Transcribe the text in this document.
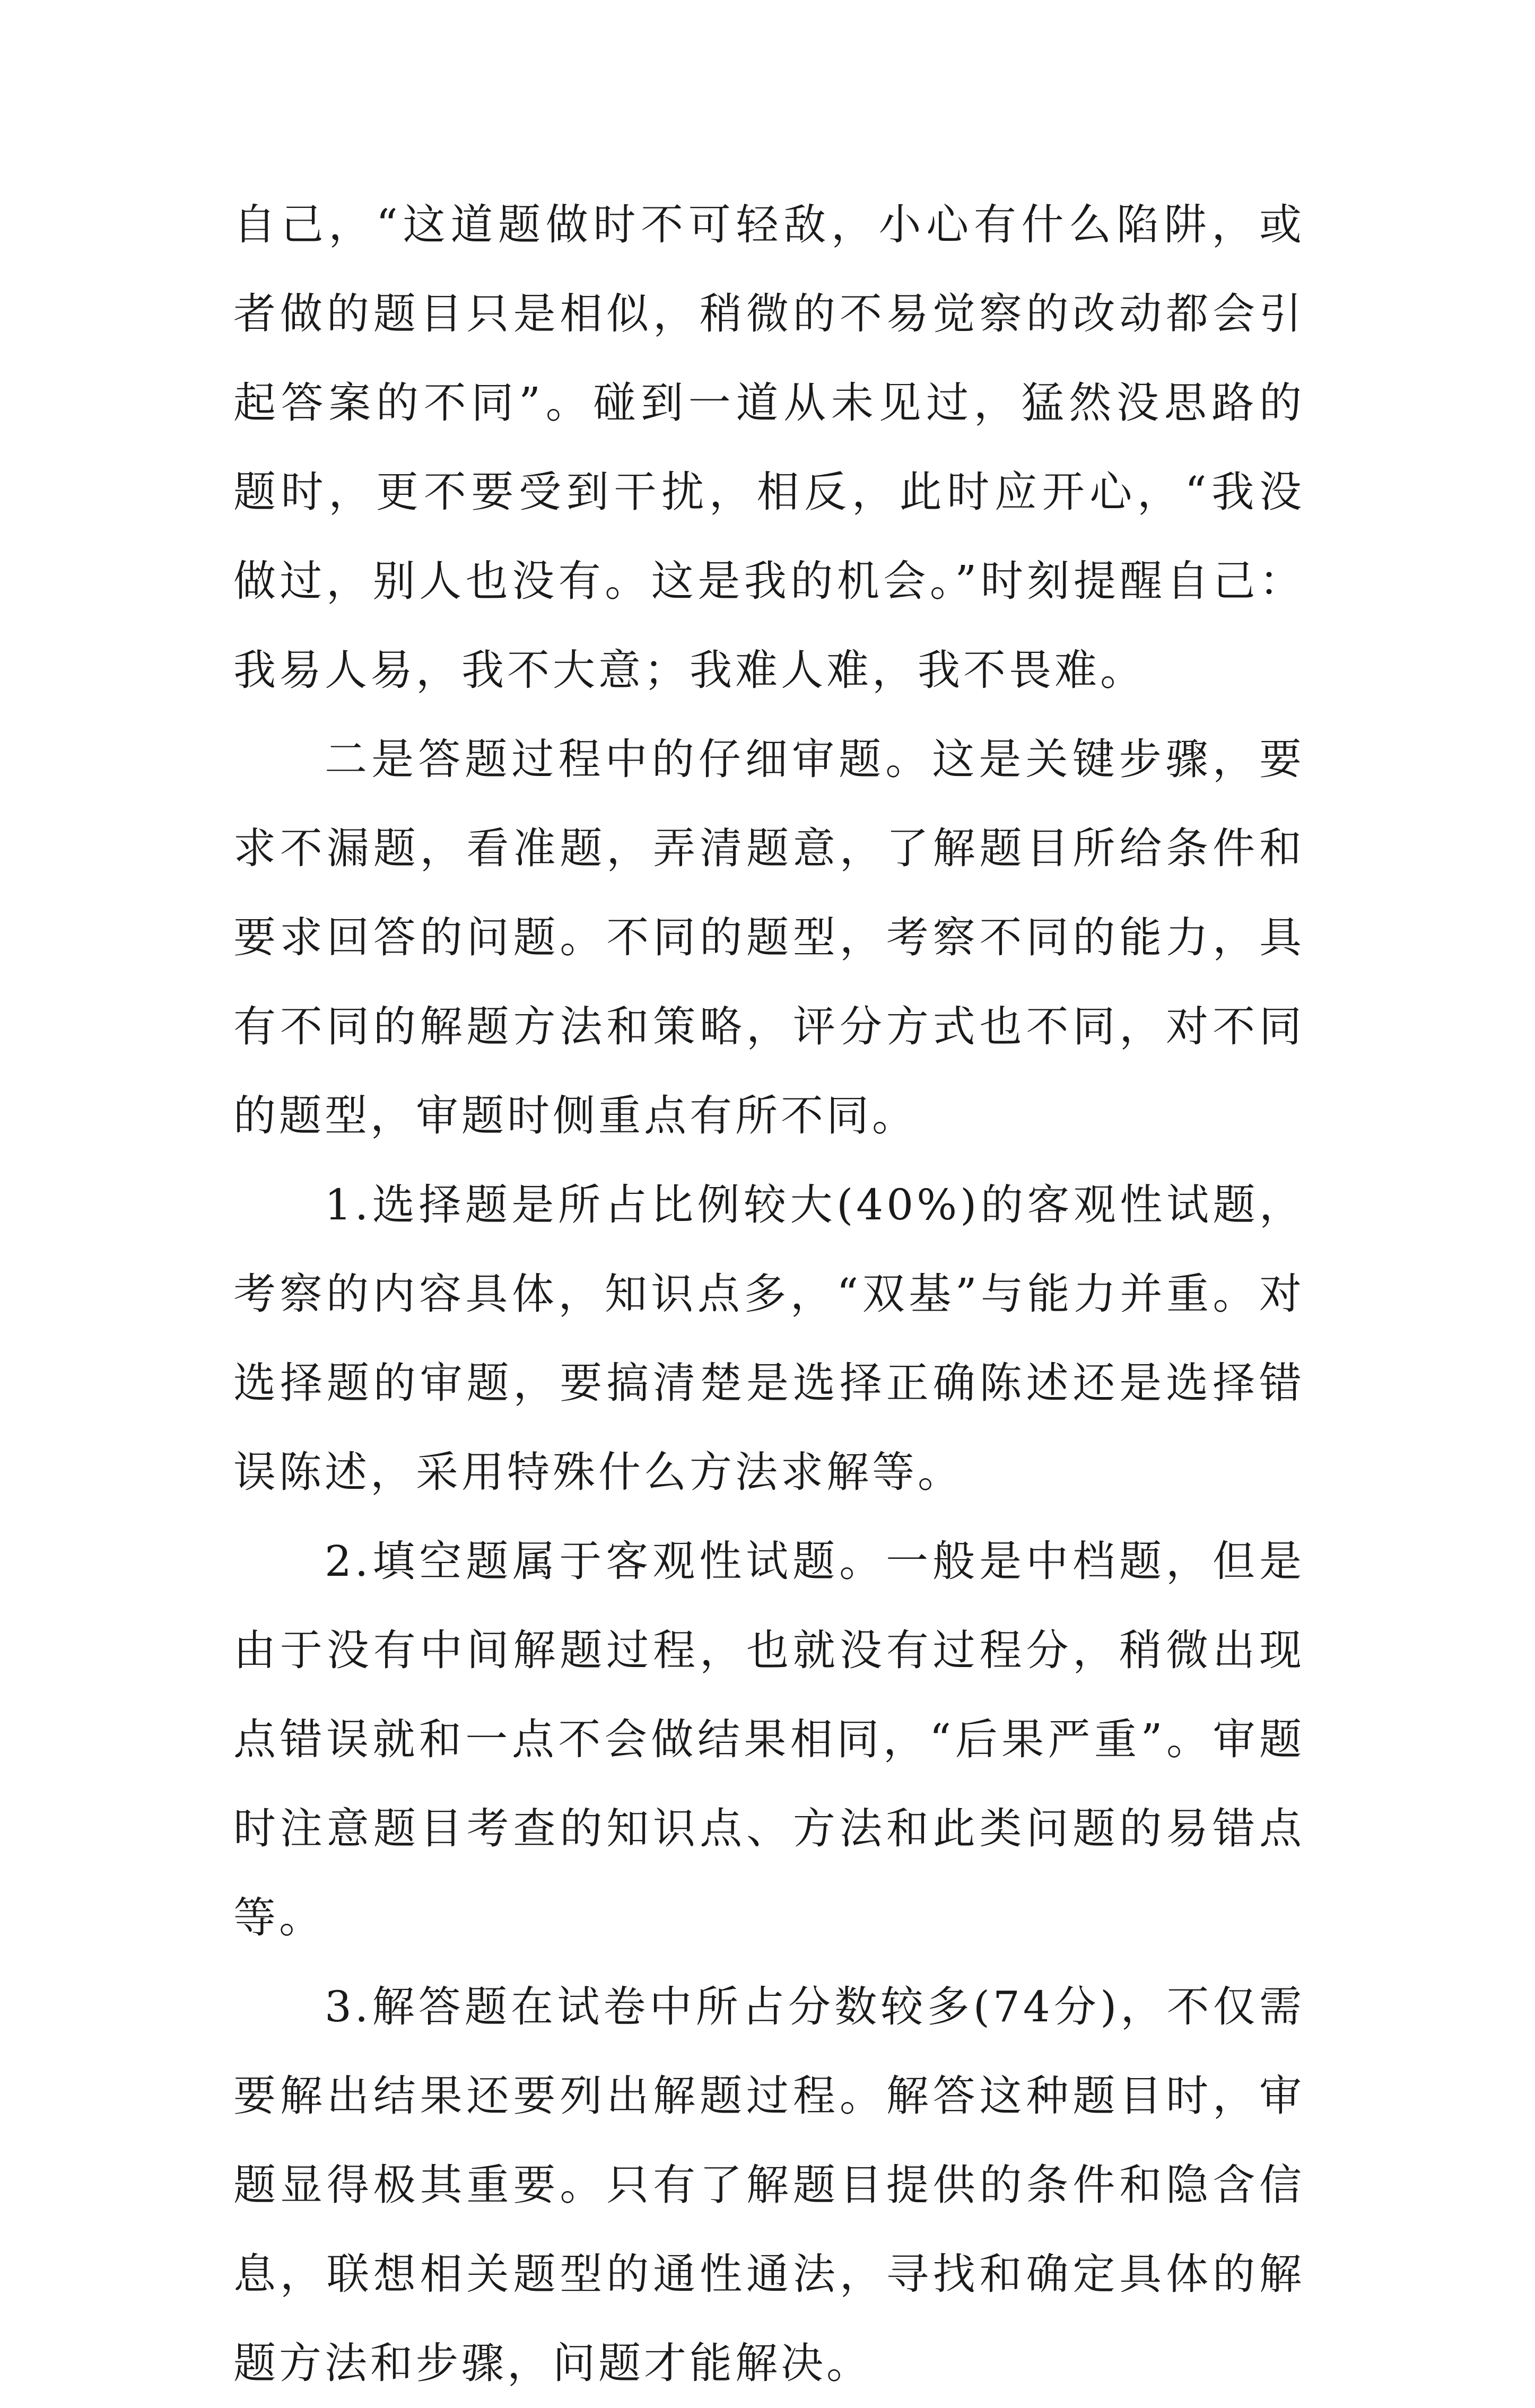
自己，“这道题做时不可轻敌，小心有什么陷阱，或者做的题目只是相似，稍微的不易觉察的改动都会引起答案的不同”。碰到一道从未见过，猛然没思路的题时，更不要受到干扰，相反，此时应开心，“我没做过，别人也没有。这是我的机会。”时刻提醒自己：我易人易，我不大意；我难人难，我不畏难。

二是答题过程中的仔细审题。这是关键步骤，要求不漏题，看准题，弄清题意，了解题目所给条件和要求回答的问题。不同的题型，考察不同的能力，具有不同的解题方法和策略，评分方式也不同，对不同的题型，审题时侧重点有所不同。

1.选择题是所占比例较大(40%)的客观性试题，考察的内容具体，知识点多，“双基”与能力并重。对选择题的审题，要搞清楚是选择正确陈述还是选择错误陈述，采用特殊什么方法求解等。

2.填空题属于客观性试题。一般是中档题，但是由于没有中间解题过程，也就没有过程分，稍微出现点错误就和一点不会做结果相同，“后果严重”。审题时注意题目考查的知识点、方法和此类问题的易错点等。

3.解答题在试卷中所占分数较多(74分)，不仅需要解出结果还要列出解题过程。解答这种题目时，审题显得极其重要。只有了解题目提供的条件和隐含信息，联想相关题型的通性通法，寻找和确定具体的解题方法和步骤，问题才能解决。
